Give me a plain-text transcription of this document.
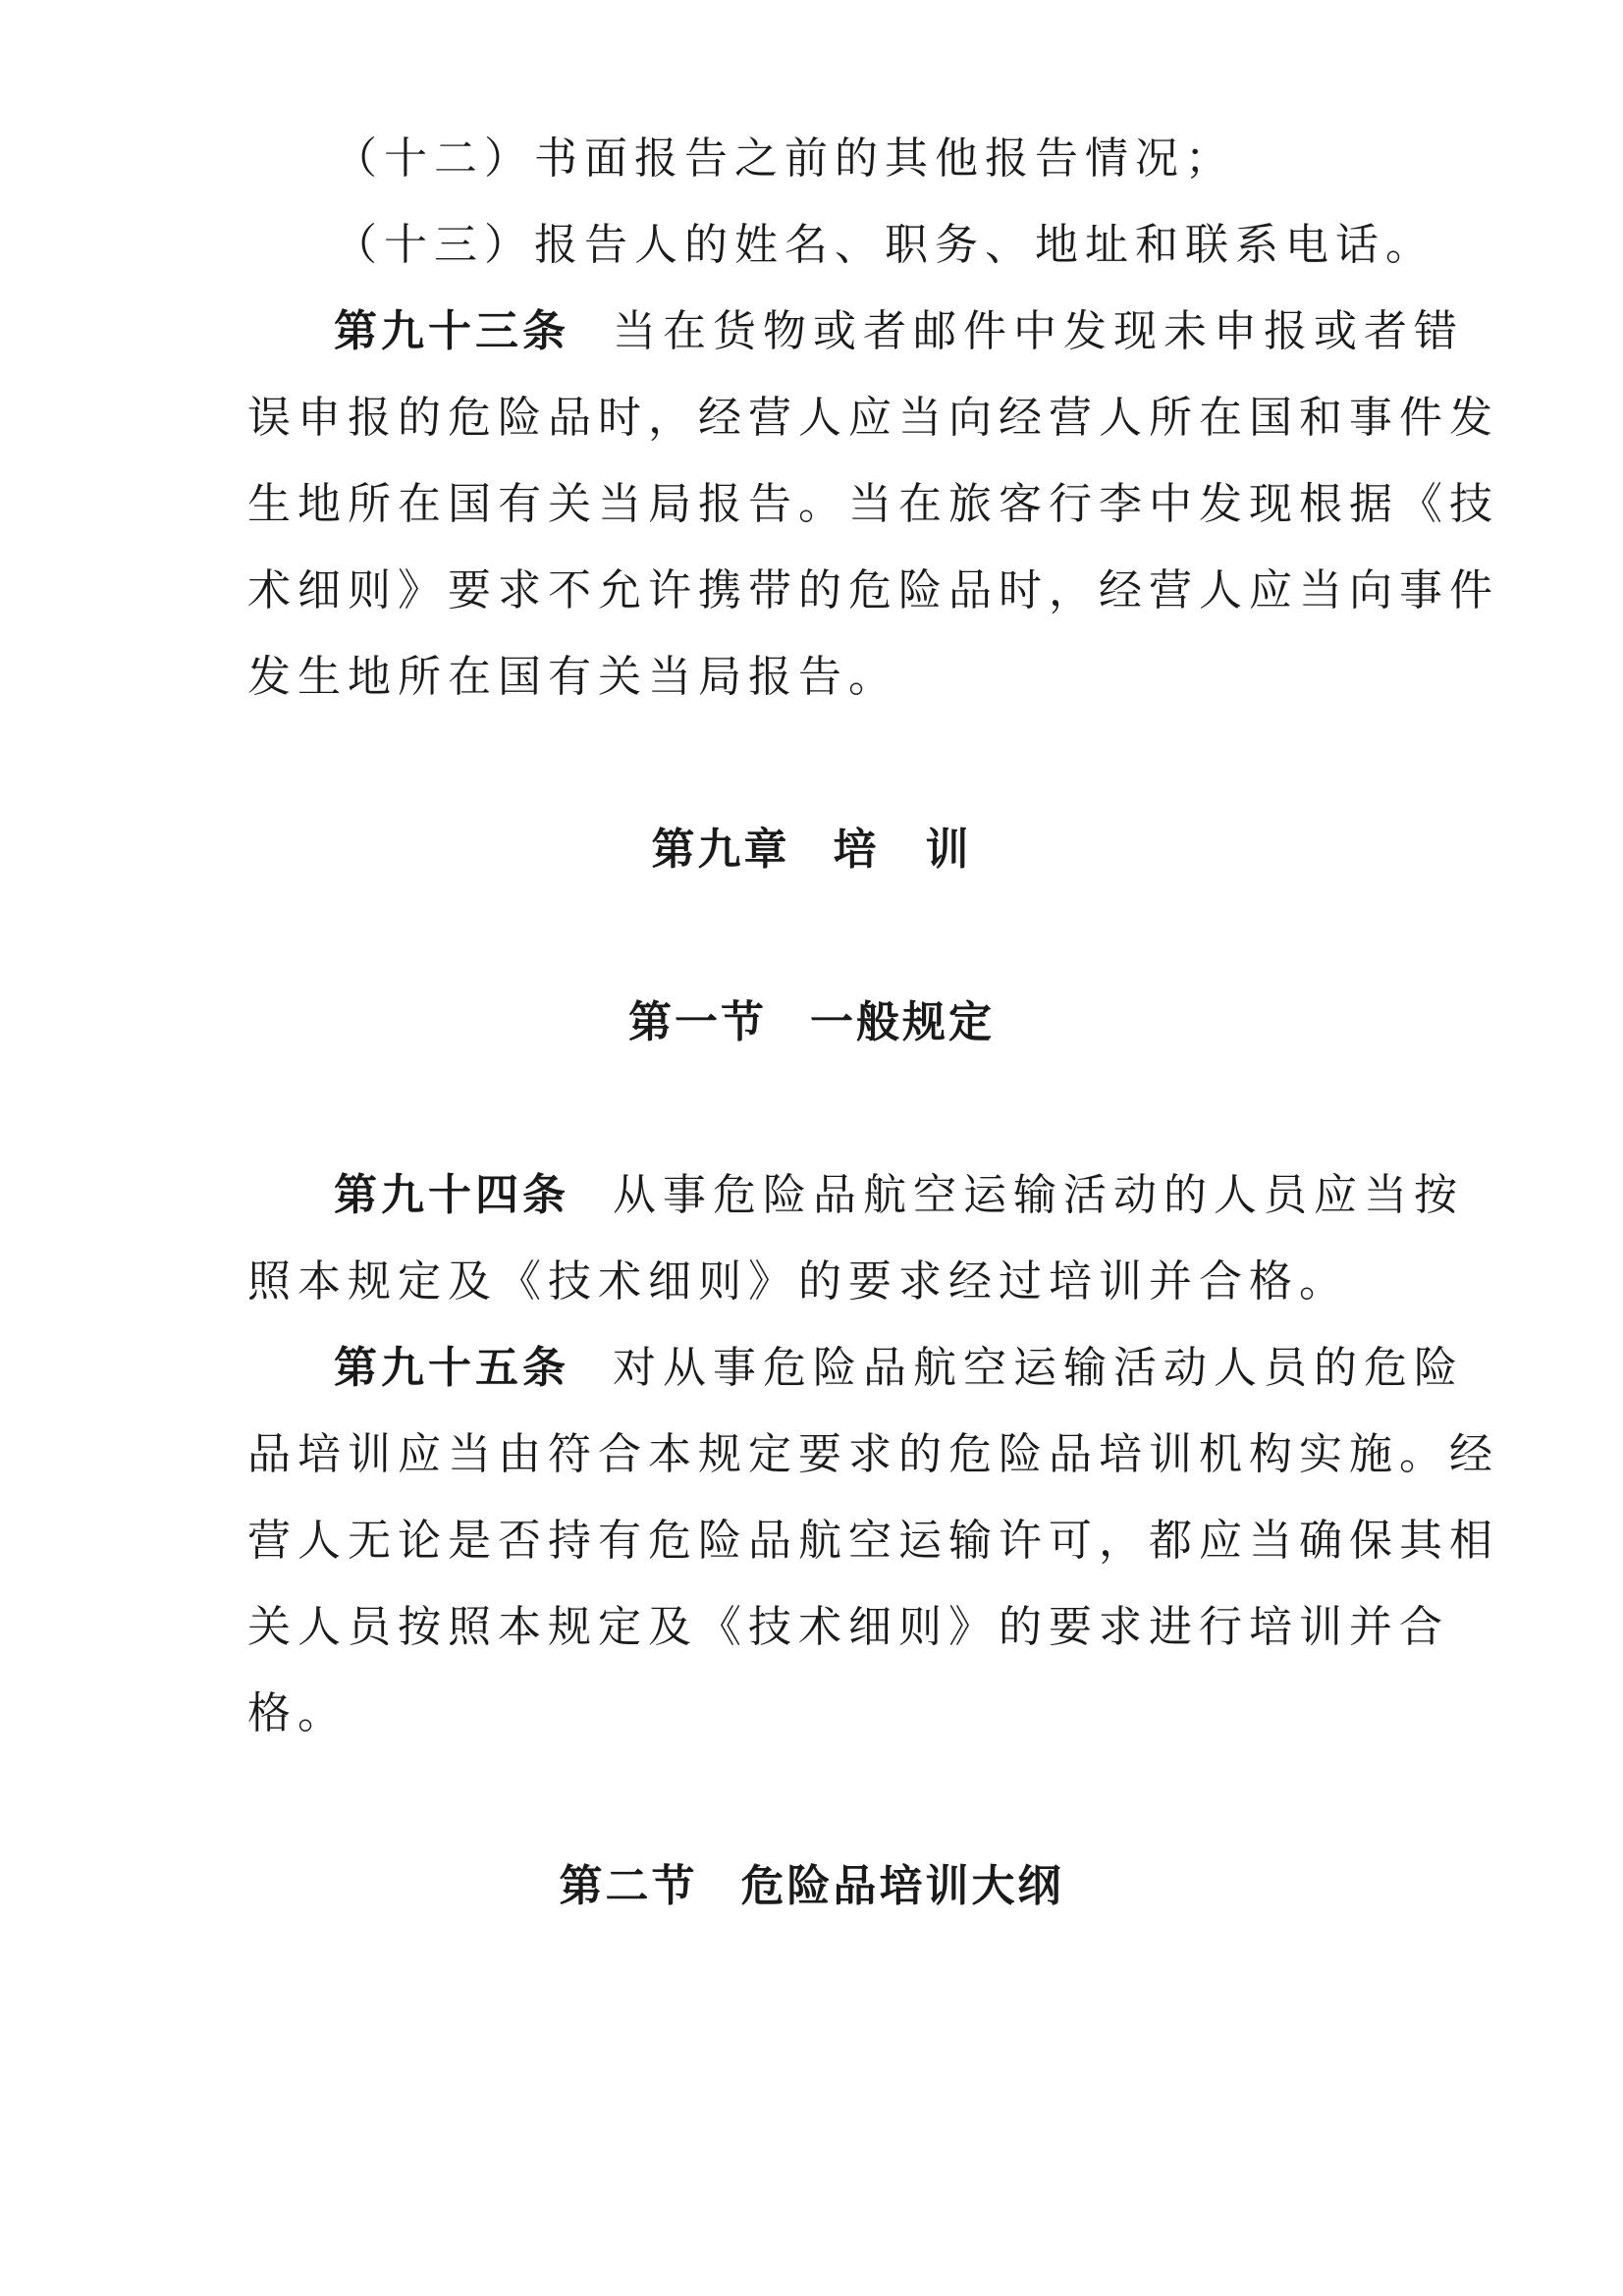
（十二）书面报告之前的其他报告情况；
（十三）报告人的姓名、职务、地址和联系电话。
第九十三条 当在货物或者邮件中发现未申报或者错
误申报的危险品时，经营人应当向经营人所在国和事件发
生地所在国有关当局报告。当在旅客行李中发现根据《技
术细则》要求不允许携带的危险品时，经营人应当向事件
发生地所在国有关当局报告。
第九章 培　训
第一节 一般规定
第九十四条 从事危险品航空运输活动的人员应当按
照本规定及《技术细则》的要求经过培训并合格。
第九十五条 对从事危险品航空运输活动人员的危险
品培训应当由符合本规定要求的危险品培训机构实施。经
营人无论是否持有危险品航空运输许可，都应当确保其相
关人员按照本规定及《技术细则》的要求进行培训并合
格。
第二节 危险品培训大纲
